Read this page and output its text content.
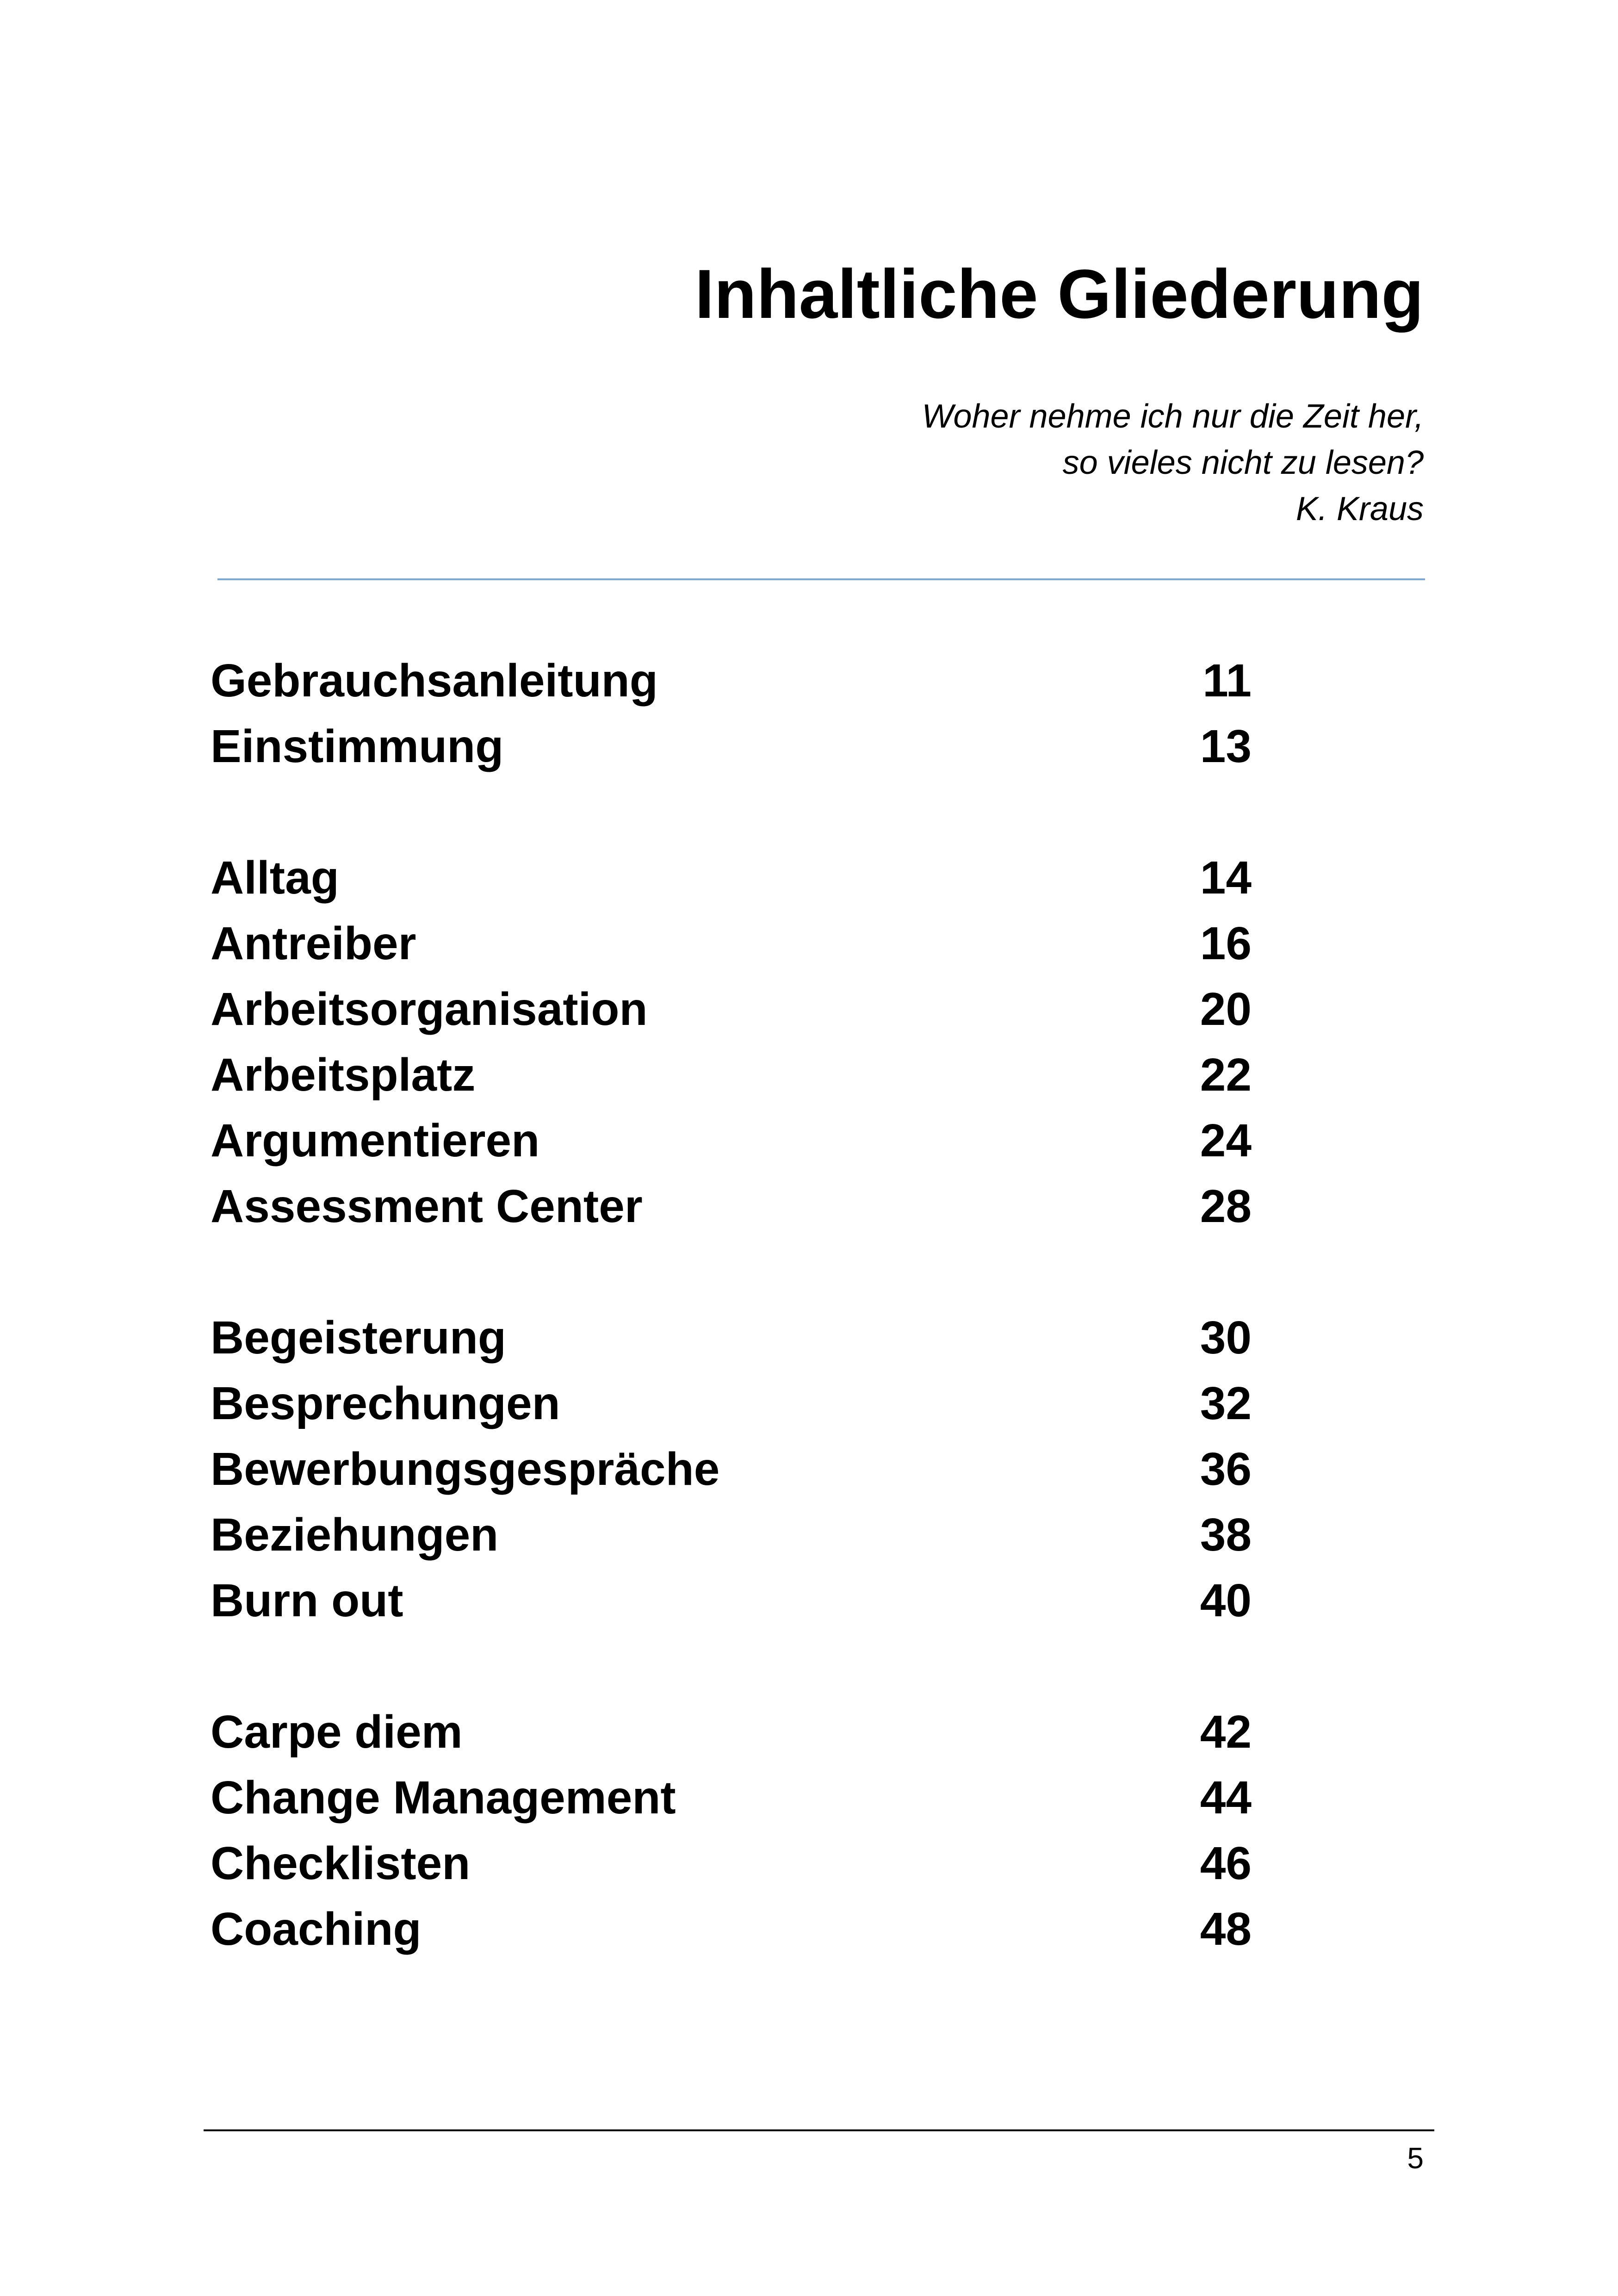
Inhaltliche Gliederung
Woher nehme ich nur die Zeit her,
so vieles nicht zu lesen?
K. Kraus
Gebrauchsanleitung	11
Einstimmung	13
Alltag	14
Antreiber	16
Arbeitsorganisation	20
Arbeitsplatz	22
Argumentieren	24
Assessment Center	28
Begeisterung	30
Besprechungen	32
Bewerbungsgespräche	36
Beziehungen	38
Burn out	40
Carpe diem	42
Change Management	44
Checklisten	46
Coaching	48
5
